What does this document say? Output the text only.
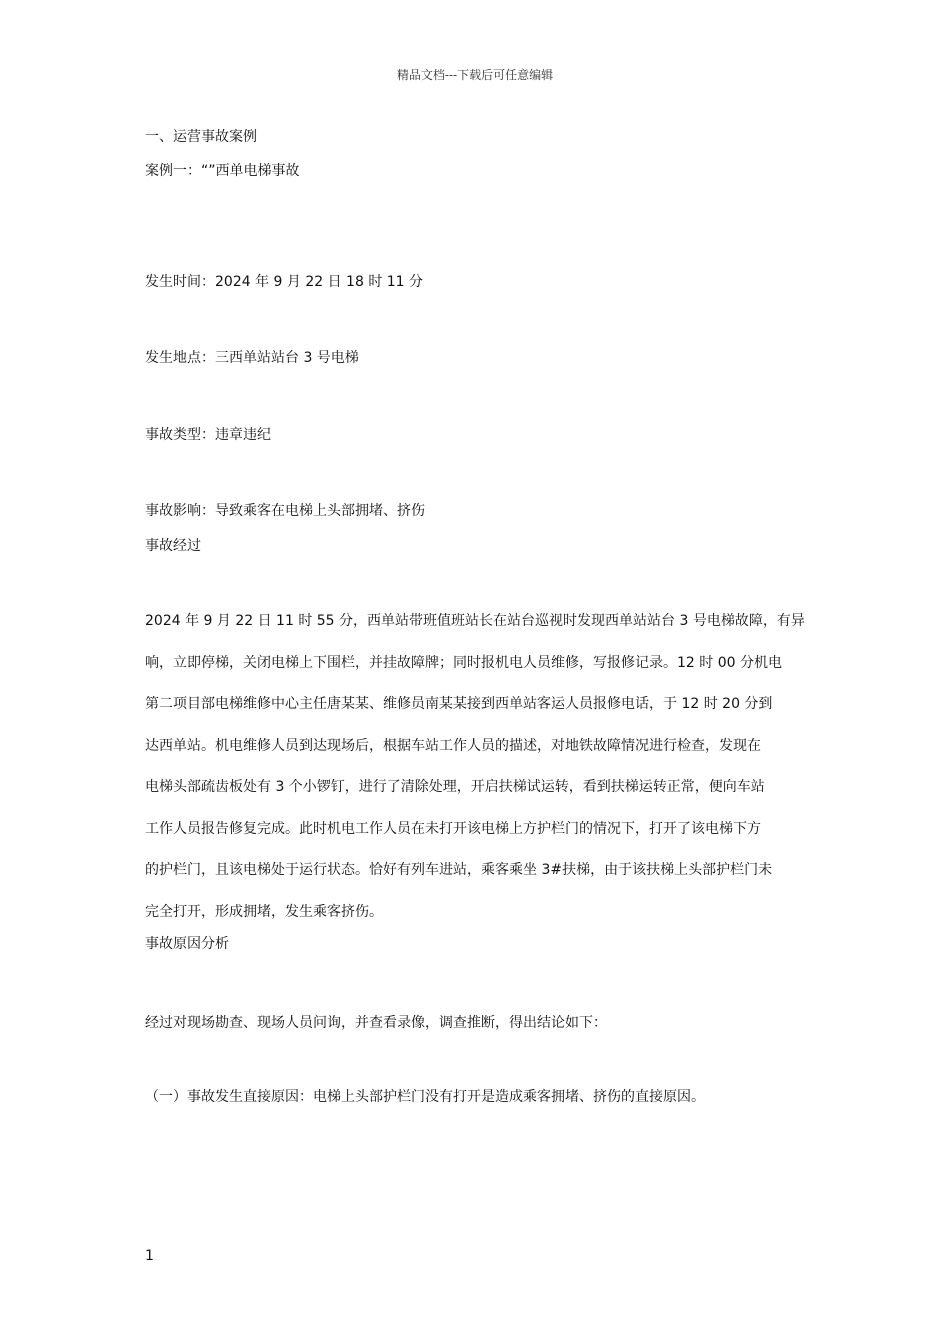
精品文档---下载后可任意编辑
一、运营事故案例
案例一：“”西单电梯事故
发生时间：2024 年 9 月 22 日 18 时 11 分
发生地点：三西单站站台 3 号电梯
事故类型：违章违纪
事故影响：导致乘客在电梯上头部拥堵、挤伤
事故经过
2024 年 9 月 22 日 11 时 55 分，西单站带班值班站长在站台巡视时发现西单站站台 3 号电梯故障，有异
响，立即停梯，关闭电梯上下围栏，并挂故障牌；同时报机电人员维修，写报修记录。12 时 00 分机电
第二项目部电梯维修中心主任唐某某、维修员南某某接到西单站客运人员报修电话，于 12 时 20 分到
达西单站。机电维修人员到达现场后，根据车站工作人员的描述，对地铁故障情况进行检查，发现在
电梯头部疏齿板处有 3 个小锣钉，进行了清除处理，开启扶梯试运转，看到扶梯运转正常，便向车站
工作人员报告修复完成。此时机电工作人员在未打开该电梯上方护栏门的情况下，打开了该电梯下方
的护栏门，且该电梯处于运行状态。恰好有列车进站，乘客乘坐 3#扶梯，由于该扶梯上头部护栏门未
完全打开，形成拥堵，发生乘客挤伤。
事故原因分析
经过对现场勘查、现场人员问询，并查看录像，调查推断，得出结论如下：
（一）事故发生直接原因：电梯上头部护栏门没有打开是造成乘客拥堵、挤伤的直接原因。
1
